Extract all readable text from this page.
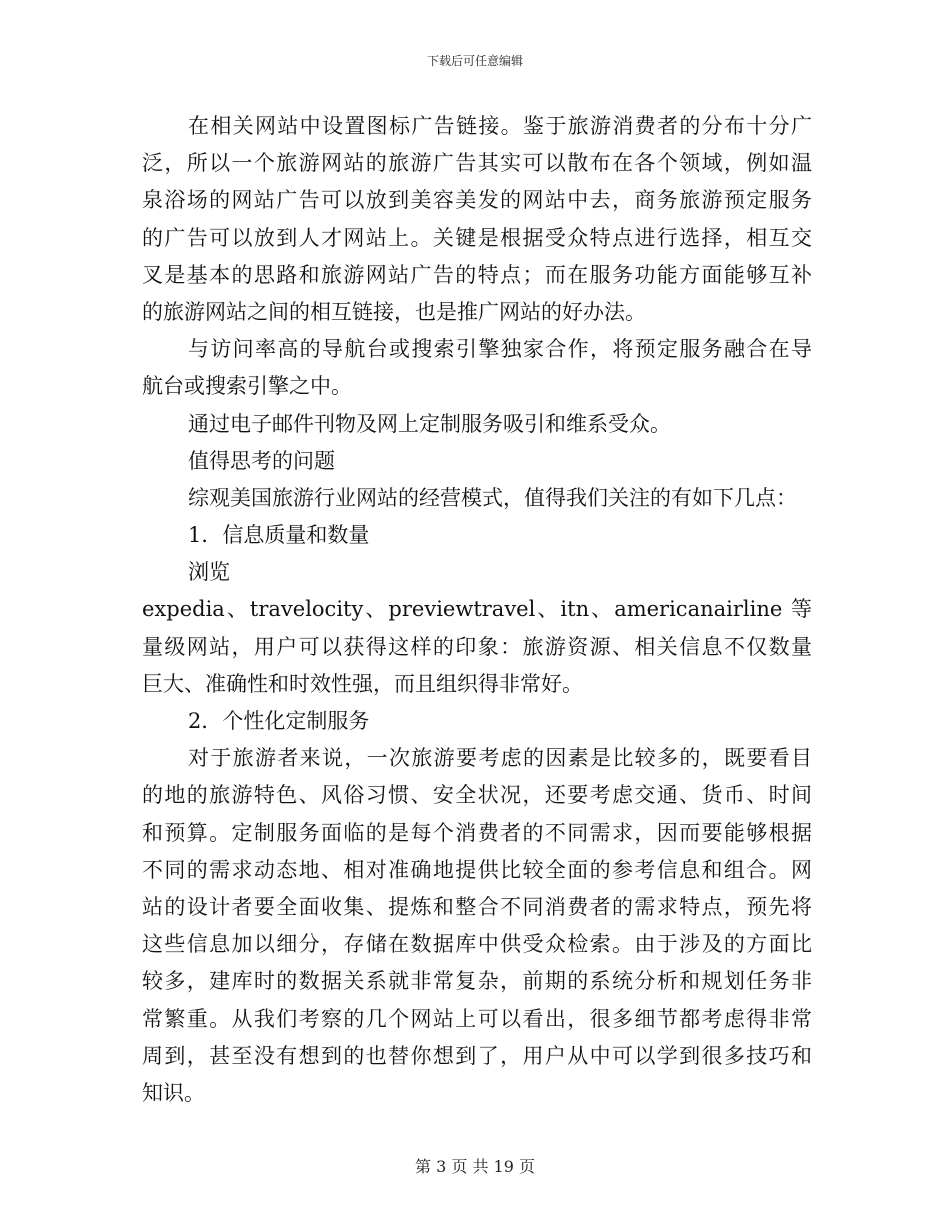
下载后可任意编辑
在相关网站中设置图标广告链接。鉴于旅游消费者的分布十分广
泛，所以一个旅游网站的旅游广告其实可以散布在各个领域，例如温
泉浴场的网站广告可以放到美容美发的网站中去，商务旅游预定服务
的广告可以放到人才网站上。关键是根据受众特点进行选择，相互交
叉是基本的思路和旅游网站广告的特点；而在服务功能方面能够互补
的旅游网站之间的相互链接，也是推广网站的好办法。
与访问率高的导航台或搜索引擎独家合作，将预定服务融合在导
航台或搜索引擎之中。
通过电子邮件刊物及网上定制服务吸引和维系受众。
值得思考的问题
综观美国旅游行业网站的经营模式，值得我们关注的有如下几点：
1．信息质量和数量
浏览
expedia、travelocity、previewtravel、itn、americanairline 等
量级网站，用户可以获得这样的印象：旅游资源、相关信息不仅数量
巨大、准确性和时效性强，而且组织得非常好。
2．个性化定制服务
对于旅游者来说，一次旅游要考虑的因素是比较多的，既要看目
的地的旅游特色、风俗习惯、安全状况，还要考虑交通、货币、时间
和预算。定制服务面临的是每个消费者的不同需求，因而要能够根据
不同的需求动态地、相对准确地提供比较全面的参考信息和组合。网
站的设计者要全面收集、提炼和整合不同消费者的需求特点，预先将
这些信息加以细分，存储在数据库中供受众检索。由于涉及的方面比
较多，建库时的数据关系就非常复杂，前期的系统分析和规划任务非
常繁重。从我们考察的几个网站上可以看出，很多细节都考虑得非常
周到，甚至没有想到的也替你想到了，用户从中可以学到很多技巧和
知识。
第 3 页 共 19 页
